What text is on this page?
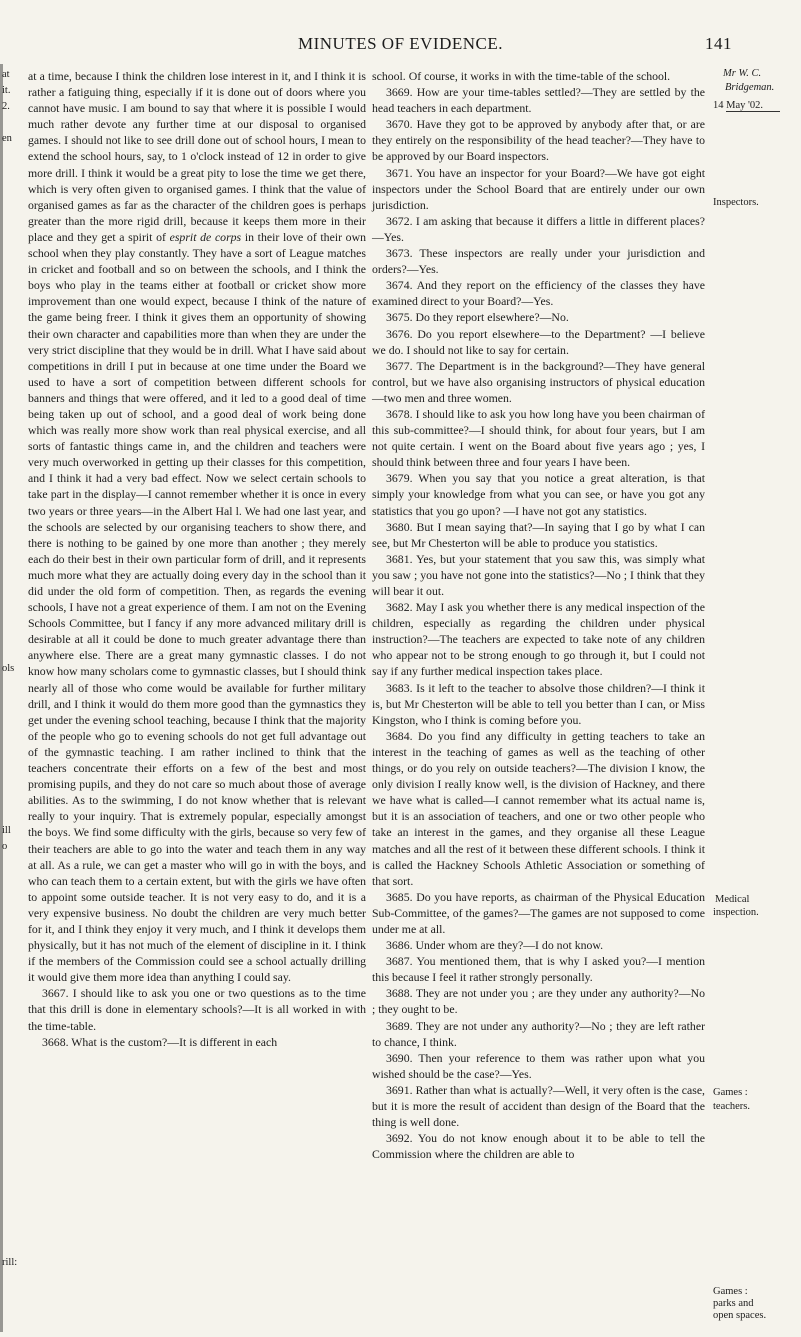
MINUTES OF EVIDENCE.	141
at
it.
2.
en
ols
ill
o
rill:

at a time, because I think the children lose interest in it, and I think it is rather a fatiguing thing, especially if it is done out of doors where you cannot have music. I am bound to say that where it is possible I would much rather devote any further time at our disposal to organised games. I should not like to see drill done out of school hours, I mean to extend the school hours, say, to 1 o'clock instead of 12 in order to give more drill. I think it would be a great pity to lose the time we get there, which is very often given to organised games. I think that the value of organised games as far as the character of the children goes is perhaps greater than the more rigid drill, because it keeps them more in their place and they get a spirit of esprit de corps in their love of their own school when they play constantly. They have a sort of League matches in cricket and football and so on between the schools, and I think the boys who play in the teams either at football or cricket show more improvement than one would expect, because I think of the nature of the game being freer. I think it gives them an opportunity of showing their own character and capabilities more than when they are under the very strict discipline that they would be in drill. What I have said about competitions in drill I put in because at one time under the Board we used to have a sort of competition between different schools for banners and things that were offered, and it led to a good deal of time being taken up out of school, and a good deal of work being done which was really more show work than real physical exercise, and all sorts of fantastic things came in, and the children and teachers were very much overworked in getting up their classes for this competition, and I think it had a very bad effect. Now we select certain schools to take part in the display—I cannot remember whether it is once in every two years or three years—in the Albert Hal l. We had one last year, and the schools are selected by our organising teachers to show there, and there is nothing to be gained by one more than another ; they merely each do their best in their own particular form of drill, and it represents much more what they are actually doing every day in the school than it did under the old form of competition. Then, as regards the evening schools, I have not a great experience of them. I am not on the Evening Schools Committee, but I fancy if any more advanced military drill is desirable at all it could be done to much greater advantage there than anywhere else. There are a great many gymnastic classes. I do not know how many scholars come to gymnastic classes, but I should think nearly all of those who come would be available for further military drill, and I think it would do them more good than the gymnastics they get under the evening school teaching, because I think that the majority of the people who go to evening schools do not get full advantage out of the gymnastic teaching. I am rather inclined to think that the teachers concentrate their efforts on a few of the best and most promising pupils, and they do not care so much about those of average abilities. As to the swimming, I do not know whether that is relevant really to your inquiry. That is extremely popular, especially amongst the boys. We find some difficulty with the girls, because so very few of their teachers are able to go into the water and teach them in any way at all. As a rule, we can get a master who will go in with the boys, and who can teach them to a certain extent, but with the girls we have often to appoint some outside teacher. It is not very easy to do, and it is a very expensive business. No doubt the children are very much better for it, and I think they enjoy it very much, and I think it develops them physically, but it has not much of the element of discipline in it. I think if the members of the Commission could see a school actually drilling it would give them more idea than anything I could say.

3667. I should like to ask you one or two questions as to the time that this drill is done in elementary schools?—It is all worked in with the time-table.

3668. What is the custom?—It is different in each

school. Of course, it works in with the time-table of the school.

3669. How are your time-tables settled?—They are settled by the head teachers in each department.

3670. Have they got to be approved by anybody after that, or are they entirely on the responsibility of the head teacher?—They have to be approved by our Board inspectors.

3671. You have an inspector for your Board?—We have got eight inspectors under the School Board that are entirely under our own jurisdiction.

3672. I am asking that because it differs a little in different places?—Yes.

3673. These inspectors are really under your jurisdiction and orders?—Yes.

3674. And they report on the efficiency of the classes they have examined direct to your Board?—Yes.

3675. Do they report elsewhere?—No.

3676. Do you report elsewhere—to the Department? —I believe we do. I should not like to say for certain.

3677. The Department is in the background?—They have general control, but we have also organising instructors of physical education—two men and three women.

3678. I should like to ask you how long have you been chairman of this sub-committee?—I should think, for about four years, but I am not quite certain. I went on the Board about five years ago ; yes, I should think between three and four years I have been.

3679. When you say that you notice a great alteration, is that simply your knowledge from what you can see, or have you got any statistics that you go upon? —I have not got any statistics.

3680. But I mean saying that?—In saying that I go by what I can see, but Mr Chesterton will be able to produce you statistics.

3681. Yes, but your statement that you saw this, was simply what you saw ; you have not gone into the statistics?—No ; I think that they will bear it out.

3682. May I ask you whether there is any medical inspection of the children, especially as regarding the children under physical instruction?—The teachers are expected to take note of any children who appear not to be strong enough to go through it, but I could not say if any further medical inspection takes place.

3683. Is it left to the teacher to absolve those children?—I think it is, but Mr Chesterton will be able to tell you better than I can, or Miss Kingston, who I think is coming before you.

3684. Do you find any difficulty in getting teachers to take an interest in the teaching of games as well as the teaching of other things, or do you rely on outside teachers?—The division I know, the only division I really know well, is the division of Hackney, and there we have what is called—I cannot remember what its actual name is, but it is an association of teachers, and one or two other people who take an interest in the games, and they organise all these League matches and all the rest of it between these different schools. I think it is called the Hackney Schools Athletic Association or something of that sort.

3685. Do you have reports, as chairman of the Physical Education Sub-Committee, of the games?—The games are not supposed to come under me at all.

3686. Under whom are they?—I do not know.

3687. You mentioned them, that is why I asked you?—I mention this because I feel it rather strongly personally.

3688. They are not under you ; are they under any authority?—No ; they ought to be.

3689. They are not under any authority?—No ; they are left rather to chance, I think.

3690. Then your reference to them was rather upon what you wished should be the case?—Yes.

3691. Rather than what is actually?—Well, it very often is the case, but it is more the result of accident than design of the Board that the thing is well done.

3692. You do not know enough about it to be able to tell the Commission where the children are able to

Mr W. C.
Bridgeman.
14 May '02.
Inspectors.
Medical
inspection.
Games :
teachers.
Games :
parks and
open spaces.
